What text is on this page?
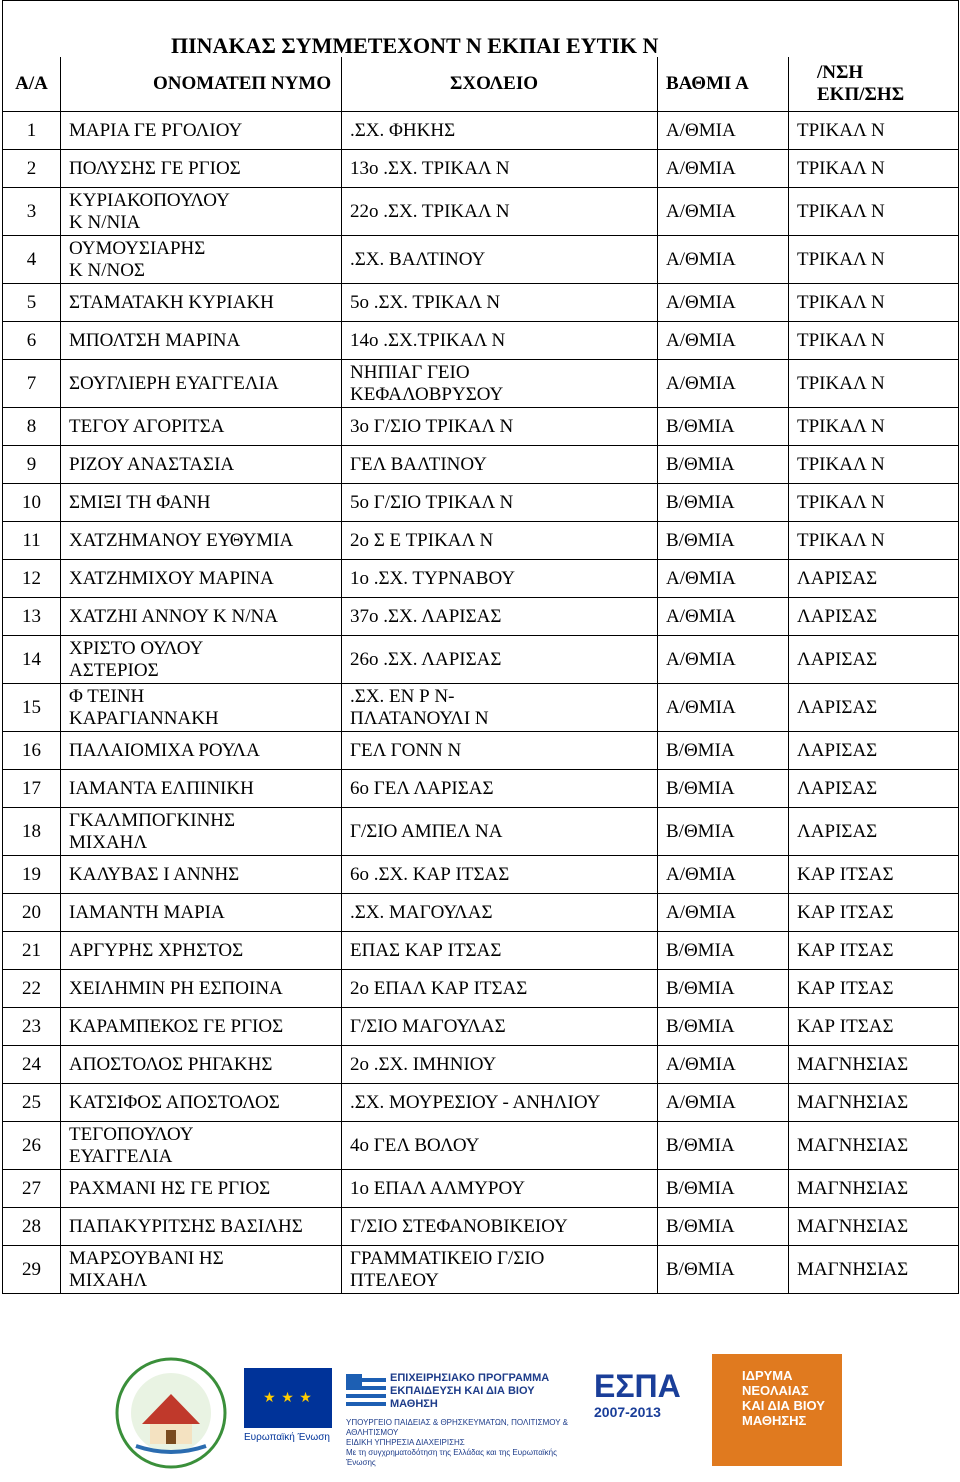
ΠΙΝΑΚΑΣ ΣΥΜΜΕΤΕΧΟΝΤ Ν ΕΚΠΑΙ ΕΥΤΙΚ Ν				
Α/Α	ΟΝΟΜΑΤΕΠ ΝΥΜΟ	ΣΧΟΛΕΙΟ	ΒΑΘΜΙ Α	/ΝΣΗ
ΕΚΠ/ΣΗΣ
1	ΜΑΡΙΑ ΓΕ ΡΓΟΛΙΟΥ	.ΣΧ. ΦΗΚΗΣ	Α/ΘΜΙΑ	ΤΡΙΚΑΛ Ν
2	ΠΟΛΥΣΗΣ ΓΕ ΡΓΙΟΣ	13ο .ΣΧ. ΤΡΙΚΑΛ Ν	Α/ΘΜΙΑ	ΤΡΙΚΑΛ Ν
3	ΚΥΡΙΑΚΟΠΟΥΛΟΥ
Κ Ν/ΝΙΑ	22ο .ΣΧ. ΤΡΙΚΑΛ Ν	Α/ΘΜΙΑ	ΤΡΙΚΑΛ Ν
4	ΟΥΜΟΥΣΙΑΡΗΣ
Κ Ν/ΝΟΣ	.ΣΧ. ΒΑΛΤΙΝΟΥ	Α/ΘΜΙΑ	ΤΡΙΚΑΛ Ν
5	ΣΤΑΜΑΤΑΚΗ ΚΥΡΙΑΚΗ	5ο .ΣΧ. ΤΡΙΚΑΛ Ν	Α/ΘΜΙΑ	ΤΡΙΚΑΛ Ν
6	ΜΠΟΛΤΣΗ ΜΑΡΙΝΑ	14ο .ΣΧ.ΤΡΙΚΑΛ Ν	Α/ΘΜΙΑ	ΤΡΙΚΑΛ Ν
7	ΣΟΥΓΛΙΕΡΗ ΕΥΑΓΓΕΛΙΑ	ΝΗΠΙΑΓ ΓΕΙΟ
ΚΕΦΑΛΟΒΡΥΣΟΥ	Α/ΘΜΙΑ	ΤΡΙΚΑΛ Ν
8	ΤΕΓΟΥ ΑΓΟΡΙΤΣΑ	3ο Γ/ΣΙΟ ΤΡΙΚΑΛ Ν	Β/ΘΜΙΑ	ΤΡΙΚΑΛ Ν
9	ΡΙΖΟΥ ΑΝΑΣΤΑΣΙΑ	ΓΕΛ ΒΑΛΤΙΝΟΥ	Β/ΘΜΙΑ	ΤΡΙΚΑΛ Ν
10	ΣΜΙΞΙ ΤΗ ΦΑΝΗ	5ο Γ/ΣΙΟ ΤΡΙΚΑΛ Ν	Β/ΘΜΙΑ	ΤΡΙΚΑΛ Ν
11	ΧΑΤΖΗΜΑΝΟΥ ΕΥΘΥΜΙΑ	2ο Σ Ε ΤΡΙΚΑΛ Ν	Β/ΘΜΙΑ	ΤΡΙΚΑΛ Ν
12	ΧΑΤΖΗΜΙΧΟΥ ΜΑΡΙΝΑ	1ο .ΣΧ. ΤΥΡΝΑΒΟΥ	Α/ΘΜΙΑ	ΛΑΡΙΣΑΣ
13	ΧΑΤΖΗΙ ΑΝΝΟΥ Κ Ν/ΝΑ	37ο .ΣΧ. ΛΑΡΙΣΑΣ	Α/ΘΜΙΑ	ΛΑΡΙΣΑΣ
14	ΧΡΙΣΤΟ ΟΥΛΟΥ
ΑΣΤΕΡΙΟΣ	26ο .ΣΧ. ΛΑΡΙΣΑΣ	Α/ΘΜΙΑ	ΛΑΡΙΣΑΣ
15	Φ ΤΕΙΝΗ
ΚΑΡΑΓΙΑΝΝΑΚΗ	.ΣΧ. ΕΝ Ρ Ν-
ΠΛΑΤΑΝΟΥΛΙ Ν	Α/ΘΜΙΑ	ΛΑΡΙΣΑΣ
16	ΠΑΛΑΙΟΜΙΧΑ ΡΟΥΛΑ	ΓΕΛ ΓΟΝΝ Ν	Β/ΘΜΙΑ	ΛΑΡΙΣΑΣ
17	ΙΑΜΑΝΤΑ ΕΛΠΙΝΙΚΗ	6ο ΓΕΛ ΛΑΡΙΣΑΣ	Β/ΘΜΙΑ	ΛΑΡΙΣΑΣ
18	ΓΚΑΛΜΠΟΓΚΙΝΗΣ
ΜΙΧΑΗΛ	Γ/ΣΙΟ ΑΜΠΕΛ ΝΑ	Β/ΘΜΙΑ	ΛΑΡΙΣΑΣ
19	ΚΑΛΥΒΑΣ Ι ΑΝΝΗΣ	6ο .ΣΧ. ΚΑΡ ΙΤΣΑΣ	Α/ΘΜΙΑ	ΚΑΡ ΙΤΣΑΣ
20	ΙΑΜΑΝΤΗ ΜΑΡΙΑ	.ΣΧ. ΜΑΓΟΥΛΑΣ	Α/ΘΜΙΑ	ΚΑΡ ΙΤΣΑΣ
21	ΑΡΓΥΡΗΣ ΧΡΗΣΤΟΣ	ΕΠΑΣ ΚΑΡ ΙΤΣΑΣ	Β/ΘΜΙΑ	ΚΑΡ ΙΤΣΑΣ
22	ΧΕΙΛΗΜΙΝ ΡΗ ΕΣΠΟΙΝΑ	2ο ΕΠΑΛ ΚΑΡ ΙΤΣΑΣ	Β/ΘΜΙΑ	ΚΑΡ ΙΤΣΑΣ
23	ΚΑΡΑΜΠΕΚΟΣ ΓΕ ΡΓΙΟΣ	Γ/ΣΙΟ ΜΑΓΟΥΛΑΣ	Β/ΘΜΙΑ	ΚΑΡ ΙΤΣΑΣ
24	ΑΠΟΣΤΟΛΟΣ ΡΗΓΑΚΗΣ	2ο .ΣΧ. ΙΜΗΝΙΟΥ	Α/ΘΜΙΑ	ΜΑΓΝΗΣΙΑΣ
25	ΚΑΤΣΙΦΟΣ ΑΠΟΣΤΟΛΟΣ	.ΣΧ. ΜΟΥΡΕΣΙΟΥ - ΑΝΗΛΙΟΥ	Α/ΘΜΙΑ	ΜΑΓΝΗΣΙΑΣ
26	ΤΕΓΟΠΟΥΛΟΥ
ΕΥΑΓΓΕΛΙΑ	4ο ΓΕΛ ΒΟΛΟΥ	Β/ΘΜΙΑ	ΜΑΓΝΗΣΙΑΣ
27	ΡΑΧΜΑΝΙ ΗΣ ΓΕ ΡΓΙΟΣ	1ο ΕΠΑΛ ΑΛΜΥΡΟΥ	Β/ΘΜΙΑ	ΜΑΓΝΗΣΙΑΣ
28	ΠΑΠΑΚΥΡΙΤΣΗΣ ΒΑΣΙΛΗΣ	Γ/ΣΙΟ ΣΤΕΦΑΝΟΒΙΚΕΙΟΥ	Β/ΘΜΙΑ	ΜΑΓΝΗΣΙΑΣ
29	ΜΑΡΣΟΥΒΑΝΙ ΗΣ
ΜΙΧΑΗΛ	ΓΡΑΜΜΑΤΙΚΕΙΟ Γ/ΣΙΟ
ΠΤΕΛΕΟΥ	Β/ΘΜΙΑ	ΜΑΓΝΗΣΙΑΣ
★ ★ ★
Ευρωπαϊκή Ένωση
ΕΠΙΧΕΙΡΗΣΙΑΚΟ ΠΡΟΓΡΑΜΜΑ
ΕΚΠΑΙΔΕΥΣΗ ΚΑΙ ΔΙΑ ΒΙΟΥ ΜΑΘΗΣΗ
ΥΠΟΥΡΓΕΙΟ ΠΑΙΔΕΙΑΣ & ΘΡΗΣΚΕΥΜΑΤΩΝ, ΠΟΛΙΤΙΣΜΟΥ & ΑΘΛΗΤΙΣΜΟΥ
ΕΙΔΙΚΗ ΥΠΗΡΕΣΙΑ ΔΙΑΧΕΙΡΙΣΗΣ
Με τη συγχρηματοδότηση της Ελλάδας και της Ευρωπαϊκής Ένωσης
ΕΣΠΑ
2007-2013
ΙΔΡΥΜΑ
ΝΕΟΛΑΙΑΣ
ΚΑΙ ΔΙΑ ΒΙΟΥ
ΜΑΘΗΣΗΣ
